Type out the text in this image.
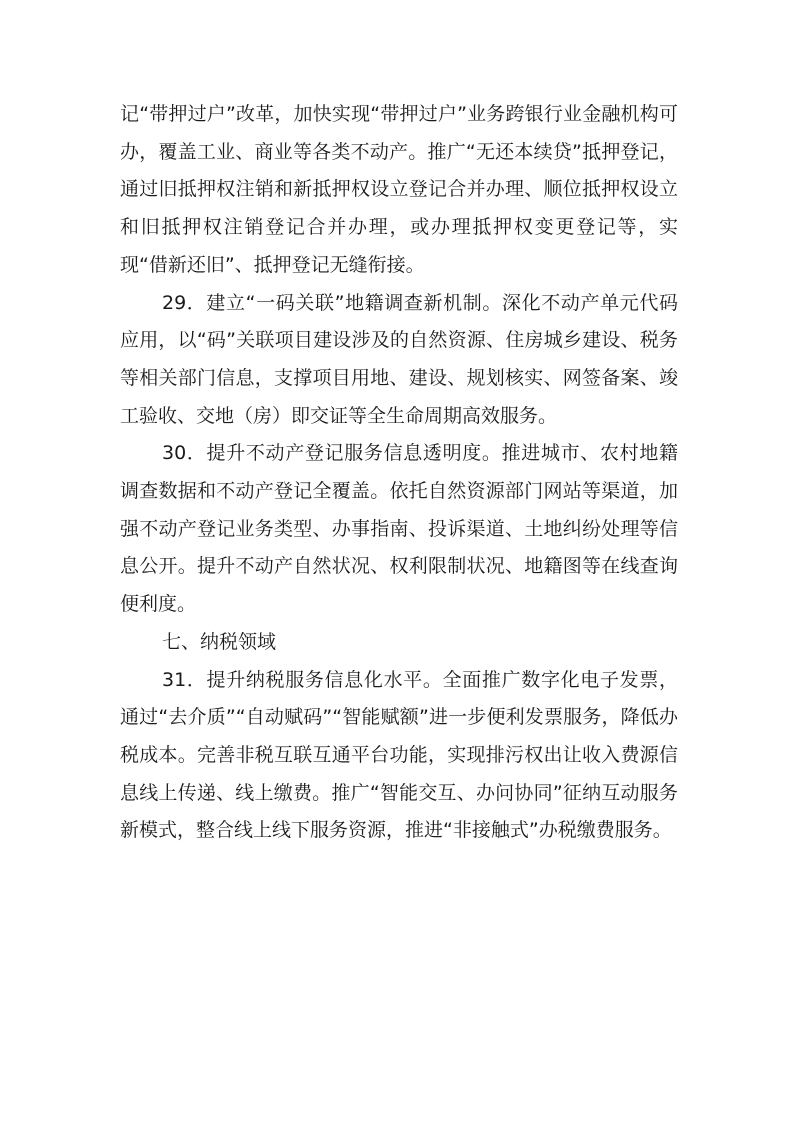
记“带押过户”改革，加快实现“带押过户”业务跨银行业金融机构可办，覆盖工业、商业等各类不动产。推广“无还本续贷”抵押登记，通过旧抵押权注销和新抵押权设立登记合并办理、顺位抵押权设立和旧抵押权注销登记合并办理，或办理抵押权变更登记等，实现“借新还旧”、抵押登记无缝衔接。

29．建立“一码关联”地籍调查新机制。深化不动产单元代码应用，以“码”关联项目建设涉及的自然资源、住房城乡建设、税务等相关部门信息，支撑项目用地、建设、规划核实、网签备案、竣工验收、交地（房）即交证等全生命周期高效服务。

30．提升不动产登记服务信息透明度。推进城市、农村地籍调查数据和不动产登记全覆盖。依托自然资源部门网站等渠道，加强不动产登记业务类型、办事指南、投诉渠道、土地纠纷处理等信息公开。提升不动产自然状况、权利限制状况、地籍图等在线查询便利度。

七、纳税领域

31．提升纳税服务信息化水平。全面推广数字化电子发票，通过“去介质”“自动赋码”“智能赋额”进一步便利发票服务，降低办税成本。完善非税互联互通平台功能，实现排污权出让收入费源信息线上传递、线上缴费。推广“智能交互、办问协同”征纳互动服务新模式，整合线上线下服务资源，推进“非接触式”办税缴费服务。
